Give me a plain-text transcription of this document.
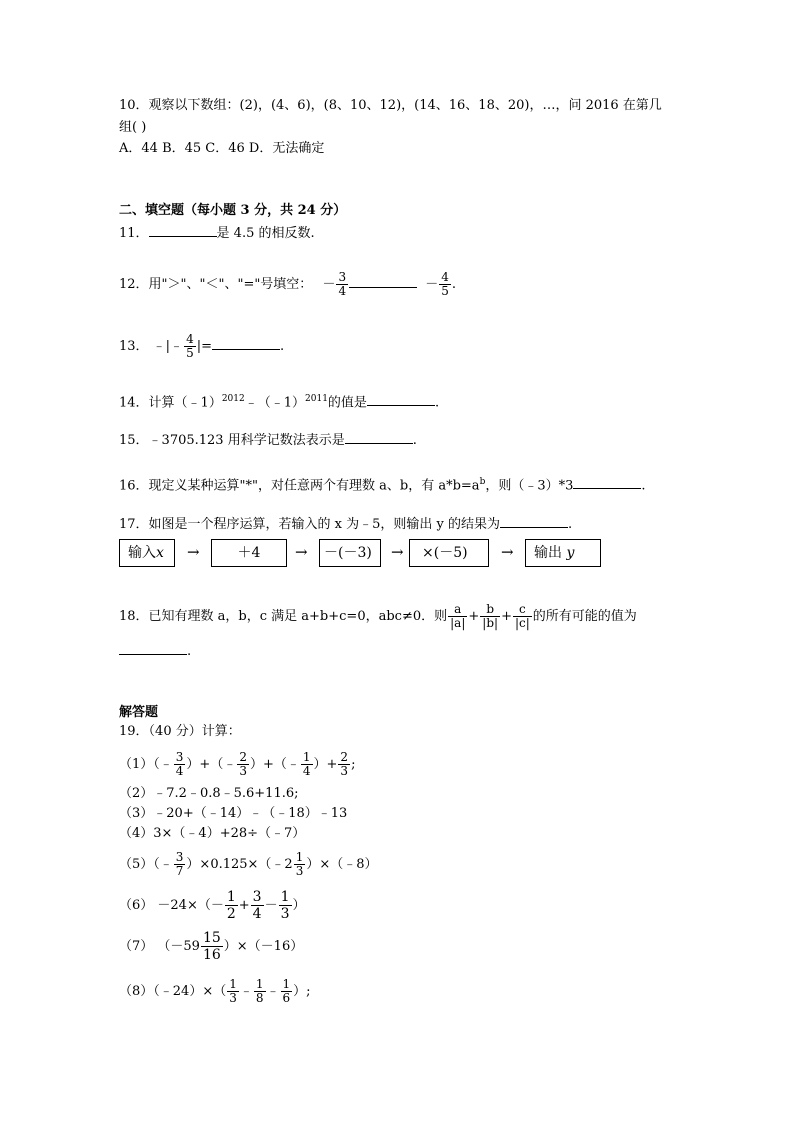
10．观察以下数组：(2)，(4、6)，(8、10、12)，(14、16、18、20)，…，问 2016 在第几
组( )
A．44 B．45 C．46 D．无法确定
二、填空题（每小题 3 分，共 24 分）
11．	是 4.5 的相反数.
12．用"＞"、"＜"、"="号填空： － $\frac{3}{4}$	－ $\frac{4}{5}$ .
13． ﹣|﹣ $\frac{4}{5}$ |=	.
14．计算（﹣1）$^{2012}$﹣（﹣1）$^{2011}$的值是	.
15．﹣3705.123 用科学记数法表示是	.
16．现定义某种运算"*"，对任意两个有理数 a、b，有 $a*b=a^b$，则（﹣3）*3	.
17．如图是一个程序运算，若输入的 x 为﹣5，则输出 y 的结果为	.
输入x	→	＋4	→	－(－3)	→	×(－5)	→	输出 y
18．已知有理数 a，b，c 满足 a+b+c=0，abc≠0．则 $\frac{a}{|a|} + \frac{b}{|b|} + \frac{c}{|c|}$ 的所有可能的值为
.
解答题
19．（40 分）计算：
（1）（﹣ $\frac{3}{4}$ ）+（﹣ $\frac{2}{3}$ ）+（﹣ $\frac{1}{4}$ ）+ $\frac{2}{3}$ ;
（2）﹣7.2﹣0.8﹣5.6+11.6;
（3）﹣20+（﹣14）﹣（﹣18）﹣13
（4）3×（﹣4）+28÷（﹣7）
（5）（﹣ $\frac{3}{7}$ ）×0.125×（﹣2 $\frac{1}{3}$ ）×（﹣8）
$(6) -24\times(- \frac{1}{2} + \frac{3}{4} - \frac{1}{3}$ ）
（7） $(-59 \frac{15}{16} )\times(-16)$
（8）（﹣24）×（ $\frac{1}{3}$ ﹣ $\frac{1}{8}$ ﹣ $\frac{1}{6}$ ）;
